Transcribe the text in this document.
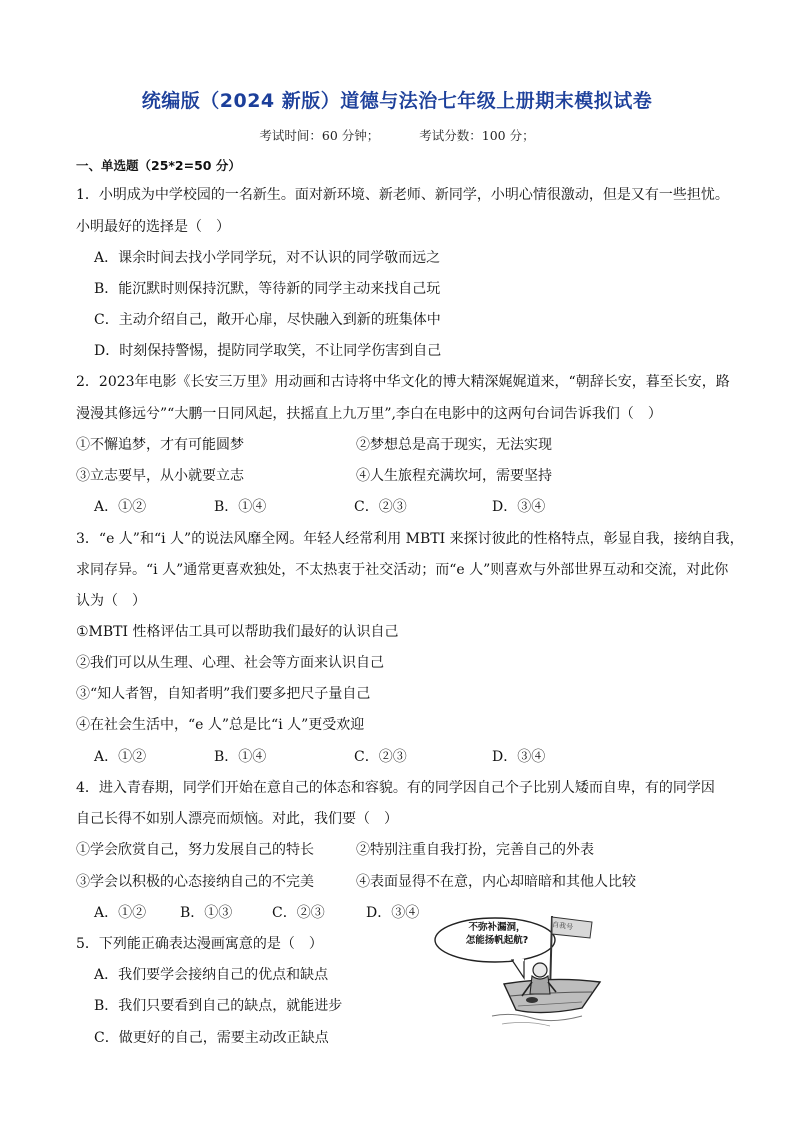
统编版（2024 新版）道德与法治七年级上册期末模拟试卷
考试时间：60 分钟；	考试分数：100 分；
一、单选题（25*2=50 分）
1．小明成为中学校园的一名新生。面对新环境、新老师、新同学，小明心情很激动，但是又有一些担忧。
小明最好的选择是（　）
A．课余时间去找小学同学玩，对不认识的同学敬而远之
B．能沉默时则保持沉默，等待新的同学主动来找自己玩
C．主动介绍自己，敞开心扉，尽快融入到新的班集体中
D．时刻保持警惕，提防同学取笑，不让同学伤害到自己
2．2023年电影《长安三万里》用动画和古诗将中华文化的博大精深娓娓道来，“朝辞长安，暮至长安，路
漫漫其修远兮”“大鹏一日同风起，扶摇直上九万里”,李白在电影中的这两句台词告诉我们（　）
①不懈追梦，才有可能圆梦	②梦想总是高于现实，无法实现
③立志要早，从小就要立志	④人生旅程充满坎坷，需要坚持
A．①②	B．①④	C．②③	D．③④
3．“e 人”和“i 人”的说法风靡全网。年轻人经常利用 MBTI 来探讨彼此的性格特点，彰显自我，接纳自我，
求同存异。“i 人”通常更喜欢独处，不太热衷于社交活动；而“e 人”则喜欢与外部世界互动和交流，对此你
认为（　）
①MBTI 性格评估工具可以帮助我们最好的认识自己
②我们可以从生理、心理、社会等方面来认识自己
③“知人者智，自知者明”我们要多把尺子量自己
④在社会生活中，“e 人”总是比“i 人”更受欢迎
A．①②	B．①④	C．②③	D．③④
4．进入青春期，同学们开始在意自己的体态和容貌。有的同学因自己个子比别人矮而自卑，有的同学因
自己长得不如别人漂亮而烦恼。对此，我们要（　）
①学会欣赏自己，努力发展自己的特长	②特别注重自我打扮，完善自己的外表
③学会以积极的心态接纳自己的不完美	④表面显得不在意，内心却暗暗和其他人比较
A．①② B．①③	C．②③	D．③④
5．下列能正确表达漫画寓意的是（　）
A．我们要学会接纳自己的优点和缺点
B．我们只要看到自己的缺点，就能进步
C．做更好的自己，需要主动改正缺点
不弥补漏洞，
怎能扬帆起航?
自我号
